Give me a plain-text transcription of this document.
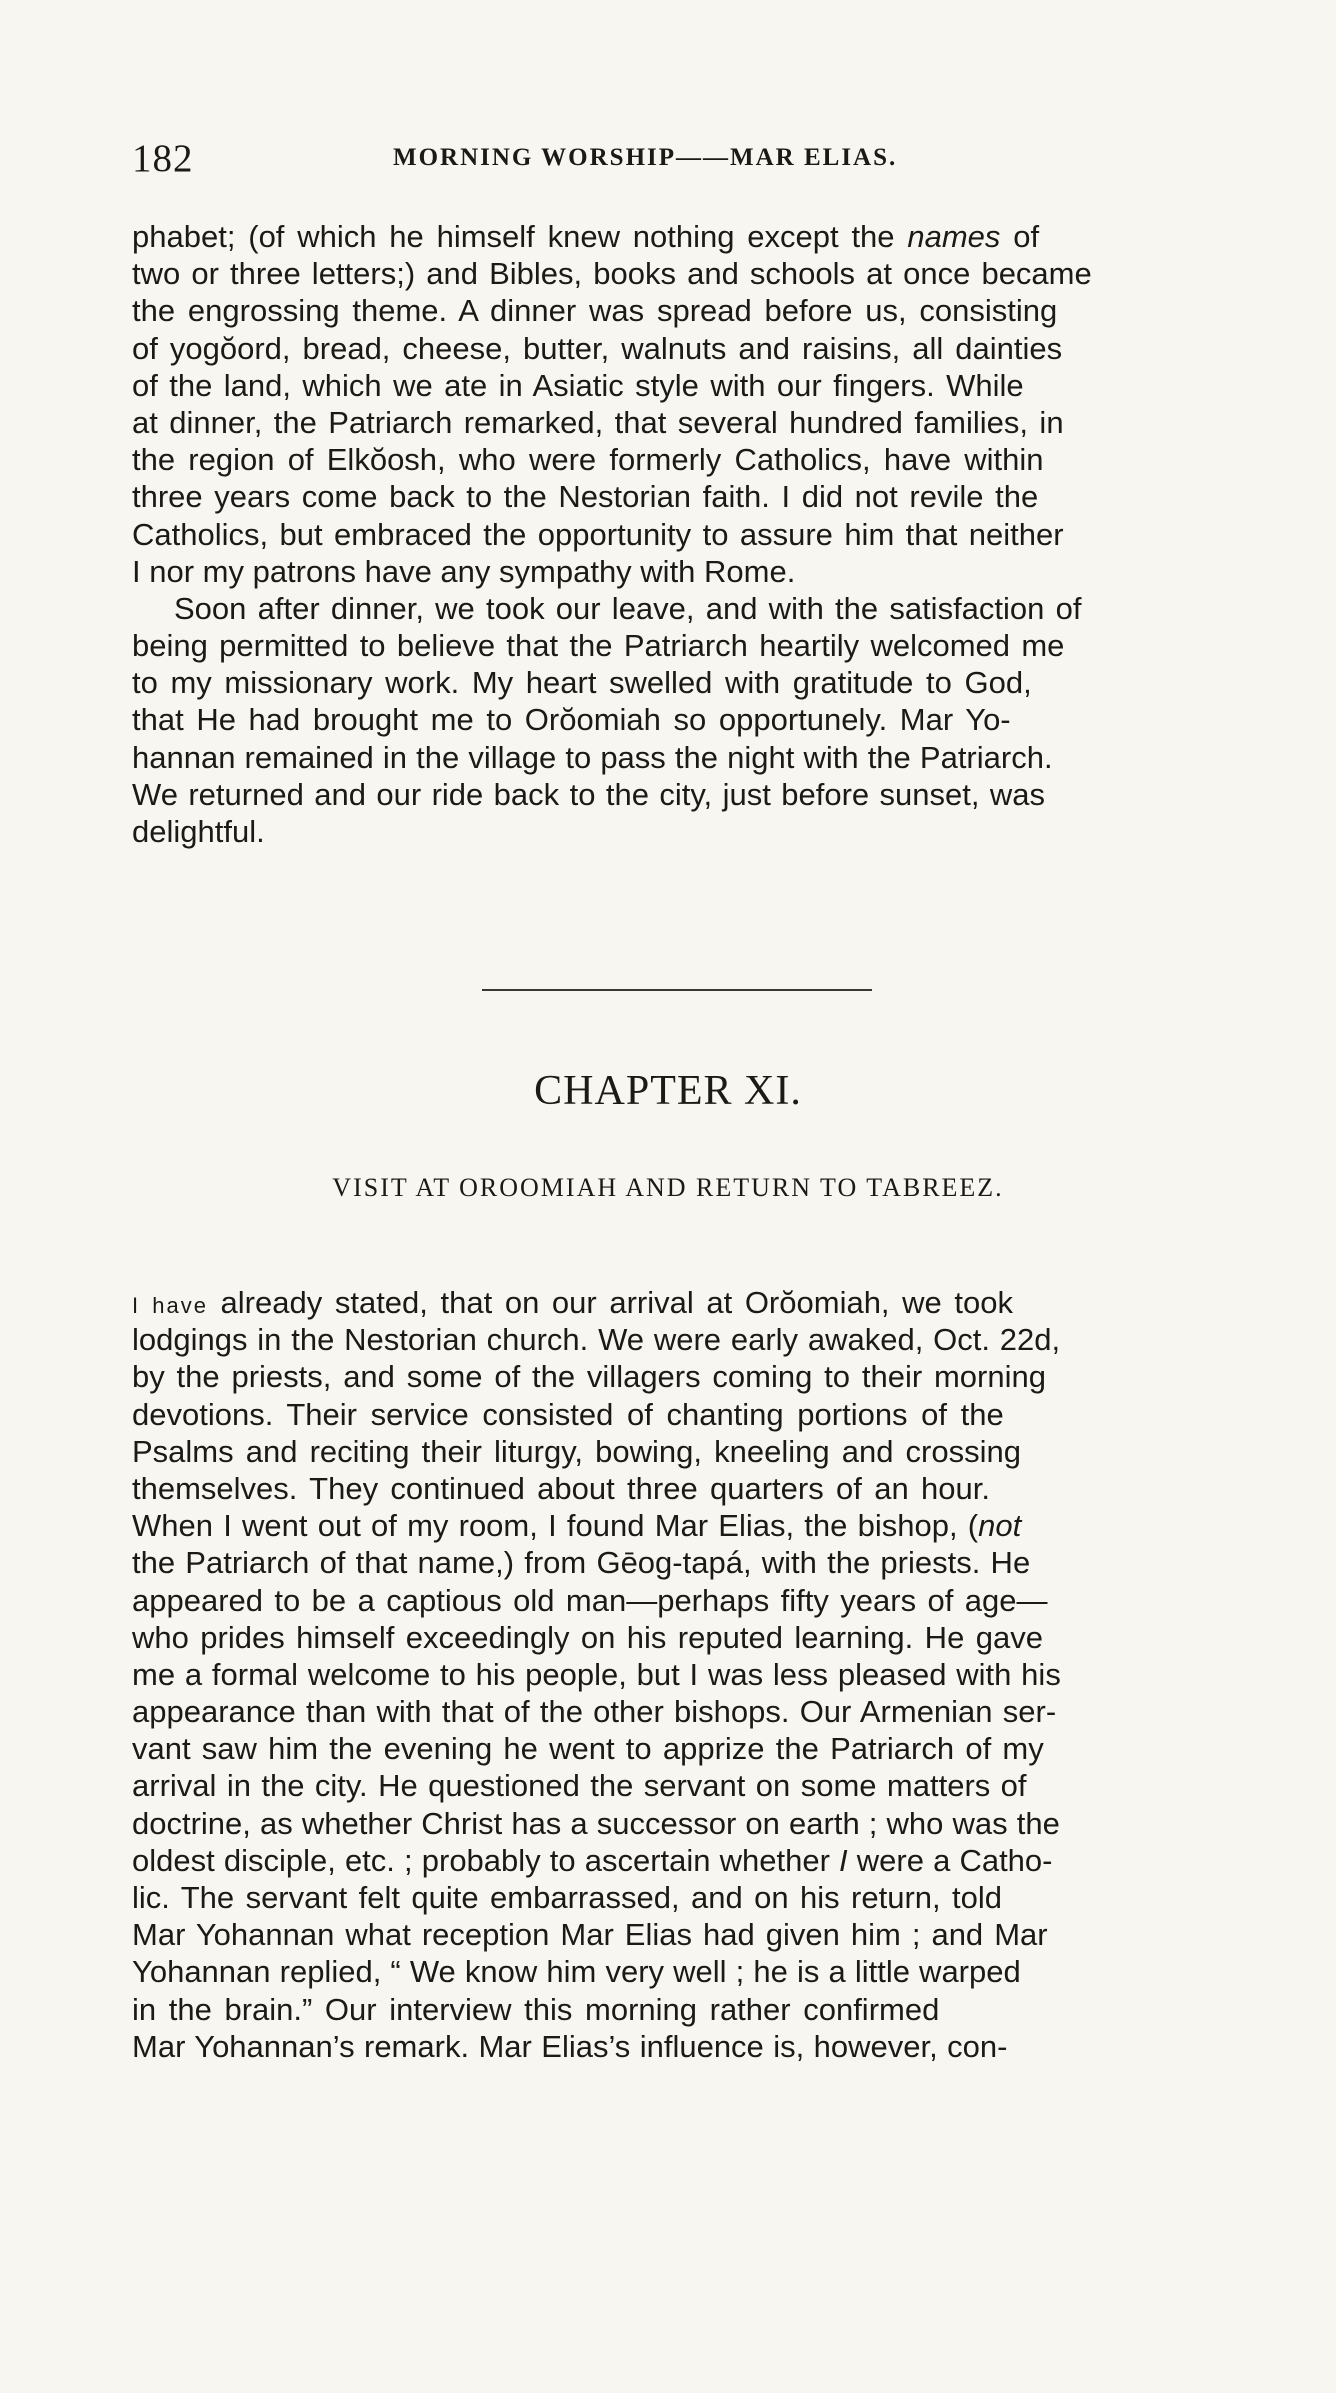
182	MORNING WORSHIP——MAR ELIAS.
phabet; (of which he himself knew nothing except the names of
two or three letters;) and Bibles, books and schools at once became
the engrossing theme. A dinner was spread before us, consisting
of yogŏord, bread, cheese, butter, walnuts and raisins, all dainties
of the land, which we ate in Asiatic style with our fingers. While
at dinner, the Patriarch remarked, that several hundred families, in
the region of Elkŏosh, who were formerly Catholics, have within
three years come back to the Nestorian faith. I did not revile the
Catholics, but embraced the opportunity to assure him that neither
I nor my patrons have any sympathy with Rome.
Soon after dinner, we took our leave, and with the satisfaction of
being permitted to believe that the Patriarch heartily welcomed me
to my missionary work. My heart swelled with gratitude to God,
that He had brought me to Orŏomiah so opportunely. Mar Yo-
hannan remained in the village to pass the night with the Patriarch.
We returned and our ride back to the city, just before sunset, was
delightful.
CHAPTER XI.
VISIT AT OROOMIAH AND RETURN TO TABREEZ.
I have already stated, that on our arrival at Orŏomiah, we took
lodgings in the Nestorian church. We were early awaked, Oct. 22d,
by the priests, and some of the villagers coming to their morning
devotions. Their service consisted of chanting portions of the
Psalms and reciting their liturgy, bowing, kneeling and crossing
themselves. They continued about three quarters of an hour.
When I went out of my room, I found Mar Elias, the bishop, (not
the Patriarch of that name,) from Gēog-tapá, with the priests. He
appeared to be a captious old man—perhaps fifty years of age—
who prides himself exceedingly on his reputed learning. He gave
me a formal welcome to his people, but I was less pleased with his
appearance than with that of the other bishops. Our Armenian ser-
vant saw him the evening he went to apprize the Patriarch of my
arrival in the city. He questioned the servant on some matters of
doctrine, as whether Christ has a successor on earth ; who was the
oldest disciple, etc. ; probably to ascertain whether I were a Catho-
lic. The servant felt quite embarrassed, and on his return, told
Mar Yohannan what reception Mar Elias had given him ; and Mar
Yohannan replied, “ We know him very well ; he is a little warped
in the brain.” Our interview this morning rather confirmed
Mar Yohannan’s remark. Mar Elias’s influence is, however, con-
